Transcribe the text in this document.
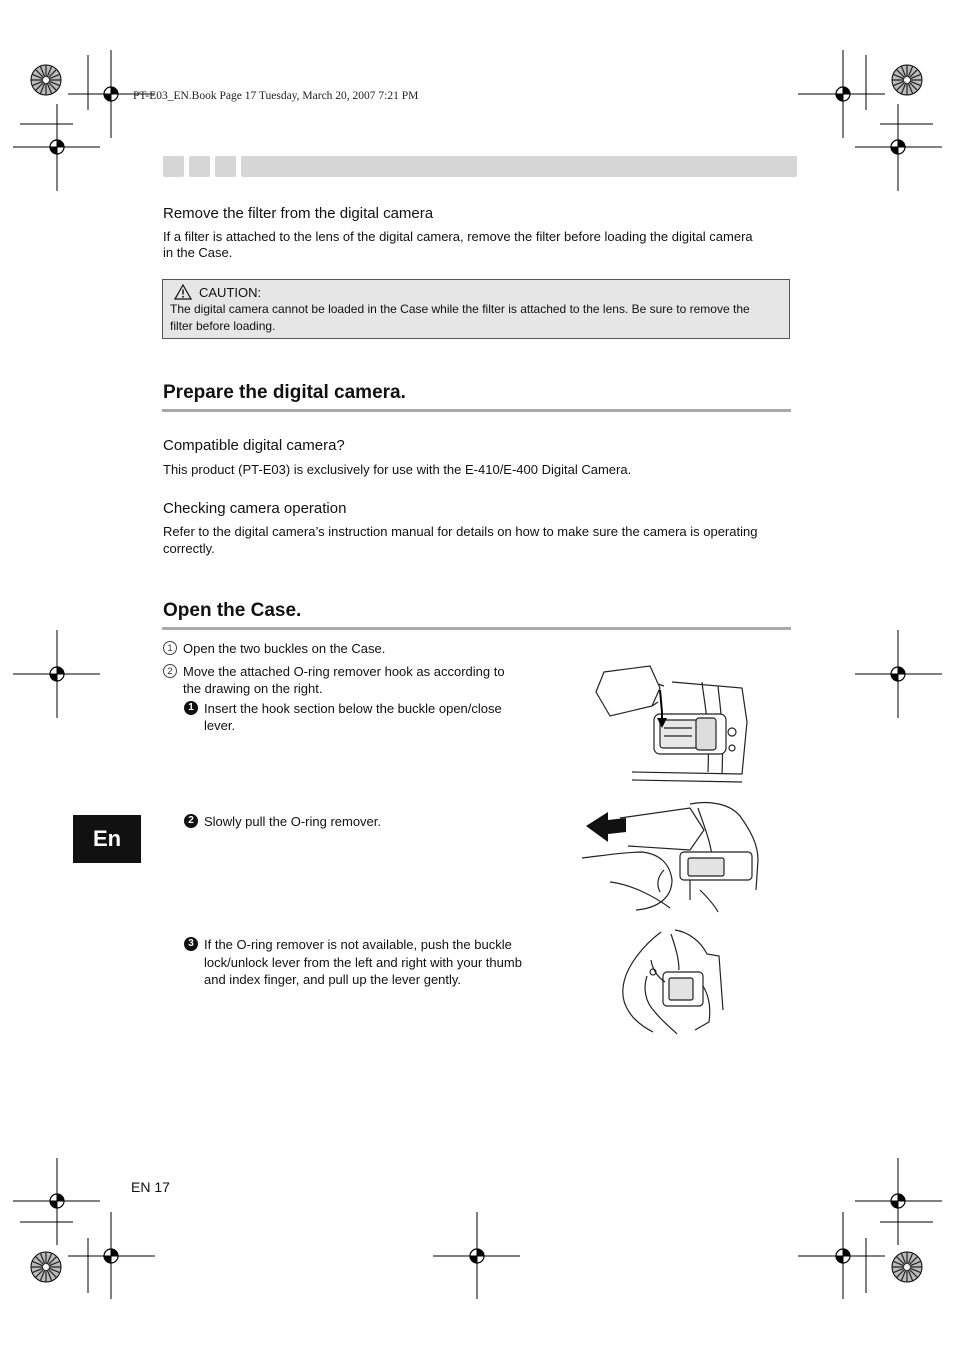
PT-E03_EN.Book Page 17 Tuesday, March 20, 2007 7:21 PM
Remove the filter from the digital camera
If a filter is attached to the lens of the digital camera, remove the filter before loading the digital camera
in the Case.
CAUTION:
The digital camera cannot be loaded in the Case while the filter is attached to the lens. Be sure to remove the
filter before loading.
Prepare the digital camera.
Compatible digital camera?
This product (PT-E03) is exclusively for use with the E-410/E-400 Digital Camera.
Checking camera operation
Refer to the digital camera’s instruction manual for details on how to make sure the camera is operating
correctly.
Open the Case.
1 Open the two buckles on the Case.
2 Move the attached O-ring remover hook as according to
the drawing on the right.
1 Insert the hook section below the buckle open/close
lever.
2 Slowly pull the O-ring remover.
3 If the O-ring remover is not available, push the buckle
lock/unlock lever from the left and right with your thumb
and index finger, and pull up the lever gently.
En
EN 17
